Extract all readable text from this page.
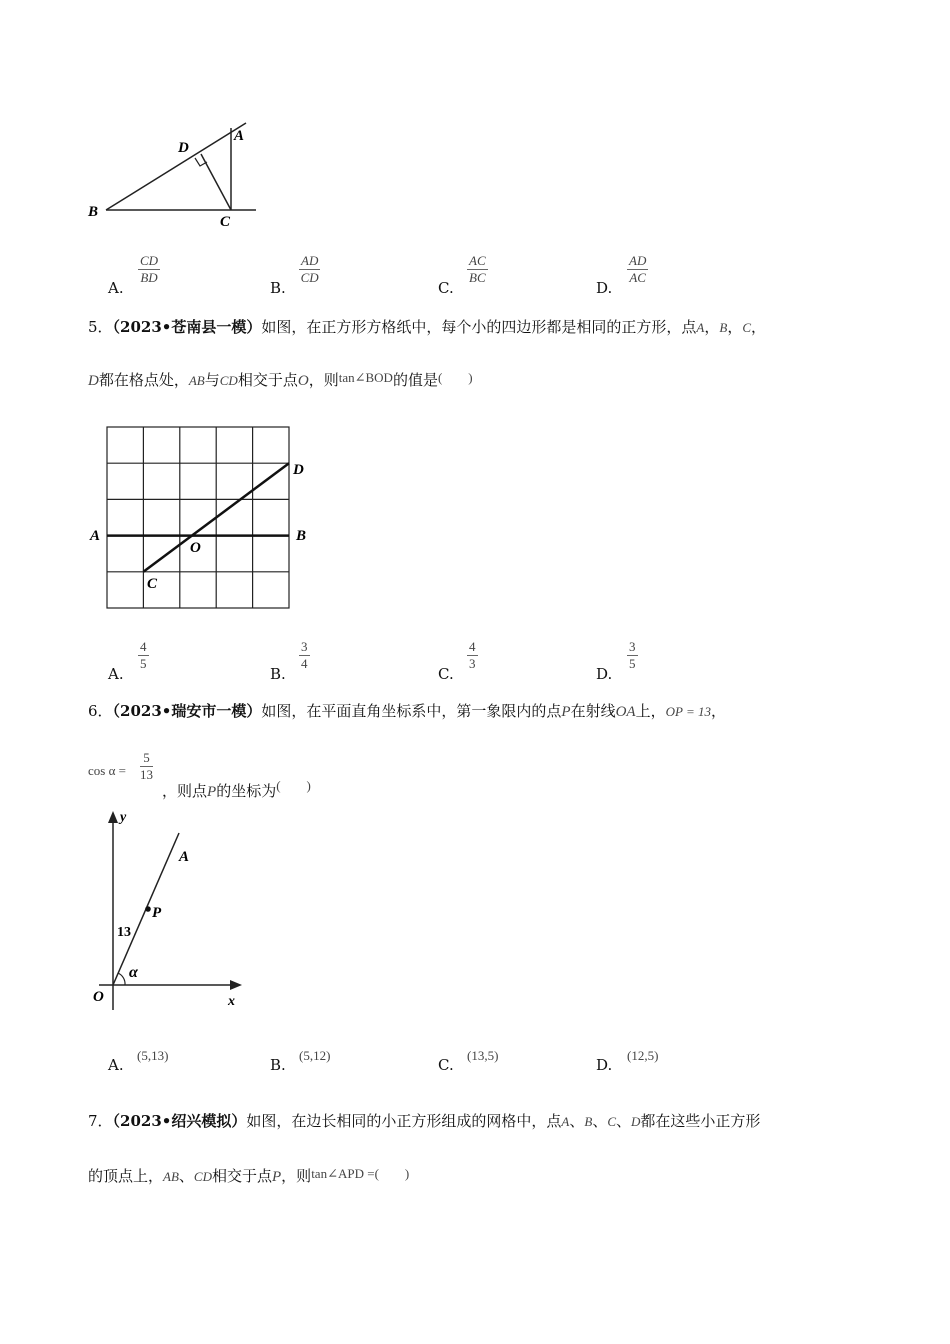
B
D
A
C
A.
$\frac{CD}{BD}$
B.
$\frac{AD}{CD}$
C.
$\frac{AC}{BC}$
D.
$\frac{AD}{AC}$
5．（2023•苍南县一模）如图，在正方形方格纸中，每个小的四边形都是相同的正方形，点A，B，C，
D都在格点处，AB与CD相交于点O，则tan∠BOD的值是(　　)
A	B
C
D
O
A.
$\frac{4}{5}$
B.
$\frac{3}{4}$
C.
$\frac{4}{3}$
D.
$\frac{3}{5}$
6．（2023•瑞安市一模）如图，在平面直角坐标系中，第一象限内的点P在射线OA上，OP = 13，
$\cos \alpha = \frac{5}{13}$
，则点P的坐标为(　　)
y
x
O
A
P
13
α
A.
(5,13)
B.
(5,12)
C.
(13,5)
D.
(12,5)
7．（2023•绍兴模拟）如图，在边长相同的小正方形组成的网格中，点A、B、C、D都在这些小正方形
的顶点上，AB、CD相交于点P，则tan∠APD =(　　)
